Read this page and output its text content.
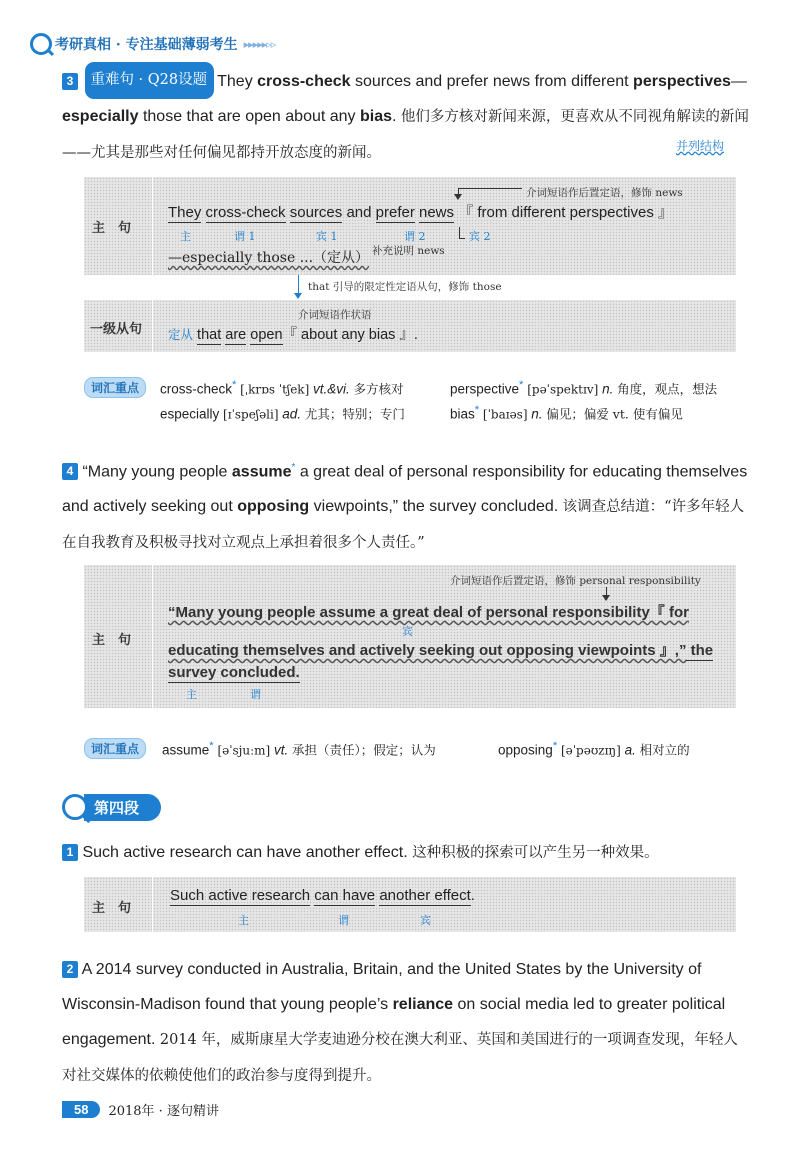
考研真相 · 专注基础薄弱考生 ▸▸▸▸▸▹▹
3 重难句 · Q28设题 They cross-check sources and prefer news from different perspectives—especially those that are open about any bias. 他们多方核对新闻来源，更喜欢从不同视角解读的新闻——尤其是那些对任何偏见都持开放态度的新闻。	并列结构
主　句
介词短语作后置定语，修饰 news
They cross-check sources and prefer news 『 from different perspectives 』
主	谓 1	宾 1	谓 2	宾 2
—especially those ...（定从） 补充说明 news
that 引导的限定性定语从句，修饰 those
一级从句
介词短语作状语
定从 that are open『 about any bias 』.
词汇重点	cross-check* [ˌkrɒs ˈtʃek] vt.&vi. 多方核对	perspective* [pəˈspektɪv] n. 角度，观点，想法
especially [ɪˈspeʃəli] ad. 尤其；特别；专门	bias* [ˈbaɪəs] n. 偏见；偏爱 vt. 使有偏见
4 “Many young people assume* a great deal of personal responsibility for educating themselves and actively seeking out opposing viewpoints,” the survey concluded. 该调查总结道：“许多年轻人在自我教育及积极寻找对立观点上承担着很多个人责任。”
主　句
介词短语作后置定语，修饰 personal responsibility
“Many young people assume a great deal of personal responsibility『 for
宾
educating themselves and actively seeking out opposing viewpoints 』,” the
survey concluded.
主	谓
词汇重点	assume* [əˈsjuːm] vt. 承担（责任）；假定；认为	opposing* [əˈpəʊzɪŋ] a. 相对立的
第四段
1 Such active research can have another effect. 这种积极的探索可以产生另一种效果。
主　句
Such active research can have another effect.
主	谓	宾
2 A 2014 survey conducted in Australia, Britain, and the United States by the University of Wisconsin-Madison found that young people’s reliance on social media led to greater political engagement. 2014 年，威斯康星大学麦迪逊分校在澳大利亚、英国和美国进行的一项调查发现，年轻人对社交媒体的依赖使他们的政治参与度得到提升。
58	2018年 · 逐句精讲
